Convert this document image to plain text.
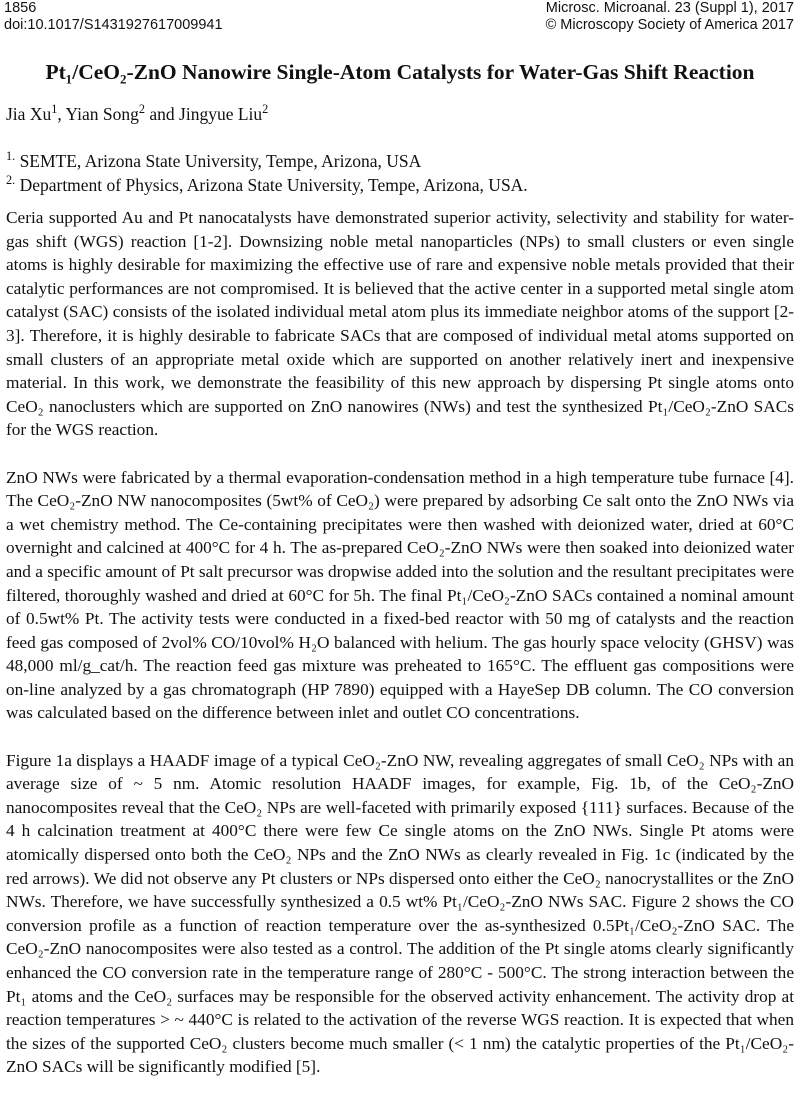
1856
doi:10.1017/S1431927617009941
Microsc. Microanal. 23 (Suppl 1), 2017
© Microscopy Society of America 2017
Pt₁/CeO₂-ZnO Nanowire Single-Atom Catalysts for Water-Gas Shift Reaction
Jia Xu$^1$, Yian Song$^2$ and Jingyue Liu$^2$
$^{1.}$ SEMTE, Arizona State University, Tempe, Arizona, USA
$^{2.}$ Department of Physics, Arizona State University, Tempe, Arizona, USA.

Ceria supported Au and Pt nanocatalysts have demonstrated superior activity, selectivity and stability for water-gas shift (WGS) reaction [1-2]. Downsizing noble metal nanoparticles (NPs) to small clusters or even single atoms is highly desirable for maximizing the effective use of rare and expensive noble metals provided that their catalytic performances are not compromised. It is believed that the active center in a supported metal single atom catalyst (SAC) consists of the isolated individual metal atom plus its immediate neighbor atoms of the support [2-3]. Therefore, it is highly desirable to fabricate SACs that are composed of individual metal atoms supported on small clusters of an appropriate metal oxide which are supported on another relatively inert and inexpensive material. In this work, we demonstrate the feasibility of this new approach by dispersing Pt single atoms onto CeO₂ nanoclusters which are supported on ZnO nanowires (NWs) and test the synthesized Pt₁/CeO₂-ZnO SACs for the WGS reaction.

ZnO NWs were fabricated by a thermal evaporation-condensation method in a high temperature tube furnace [4]. The CeO₂-ZnO NW nanocomposites (5wt% of CeO₂) were prepared by adsorbing Ce salt onto the ZnO NWs via a wet chemistry method. The Ce-containing precipitates were then washed with deionized water, dried at 60°C overnight and calcined at 400°C for 4 h. The as-prepared CeO₂-ZnO NWs were then soaked into deionized water and a specific amount of Pt salt precursor was dropwise added into the solution and the resultant precipitates were filtered, thoroughly washed and dried at 60°C for 5h. The final Pt₁/CeO₂-ZnO SACs contained a nominal amount of 0.5wt% Pt. The activity tests were conducted in a fixed-bed reactor with 50 mg of catalysts and the reaction feed gas composed of 2vol% CO/10vol% H₂O balanced with helium. The gas hourly space velocity (GHSV) was 48,000 ml/g_cat/h. The reaction feed gas mixture was preheated to 165°C. The effluent gas compositions were on-line analyzed by a gas chromatograph (HP 7890) equipped with a HayeSep DB column. The CO conversion was calculated based on the difference between inlet and outlet CO concentrations.

Figure 1a displays a HAADF image of a typical CeO₂-ZnO NW, revealing aggregates of small CeO₂ NPs with an average size of ~ 5 nm. Atomic resolution HAADF images, for example, Fig. 1b, of the CeO₂-ZnO nanocomposites reveal that the CeO₂ NPs are well-faceted with primarily exposed {111} surfaces. Because of the 4 h calcination treatment at 400°C there were few Ce single atoms on the ZnO NWs. Single Pt atoms were atomically dispersed onto both the CeO₂ NPs and the ZnO NWs as clearly revealed in Fig. 1c (indicated by the red arrows). We did not observe any Pt clusters or NPs dispersed onto either the CeO₂ nanocrystallites or the ZnO NWs. Therefore, we have successfully synthesized a 0.5 wt% Pt₁/CeO₂-ZnO NWs SAC. Figure 2 shows the CO conversion profile as a function of reaction temperature over the as-synthesized 0.5Pt₁/CeO₂-ZnO SAC. The CeO₂-ZnO nanocomposites were also tested as a control. The addition of the Pt single atoms clearly significantly enhanced the CO conversion rate in the temperature range of 280°C - 500°C. The strong interaction between the Pt₁ atoms and the CeO₂ surfaces may be responsible for the observed activity enhancement. The activity drop at reaction temperatures > ~ 440°C is related to the activation of the reverse WGS reaction. It is expected that when the sizes of the supported CeO₂ clusters become much smaller (< 1 nm) the catalytic properties of the Pt₁/CeO₂-ZnO SACs will be significantly modified [5].
